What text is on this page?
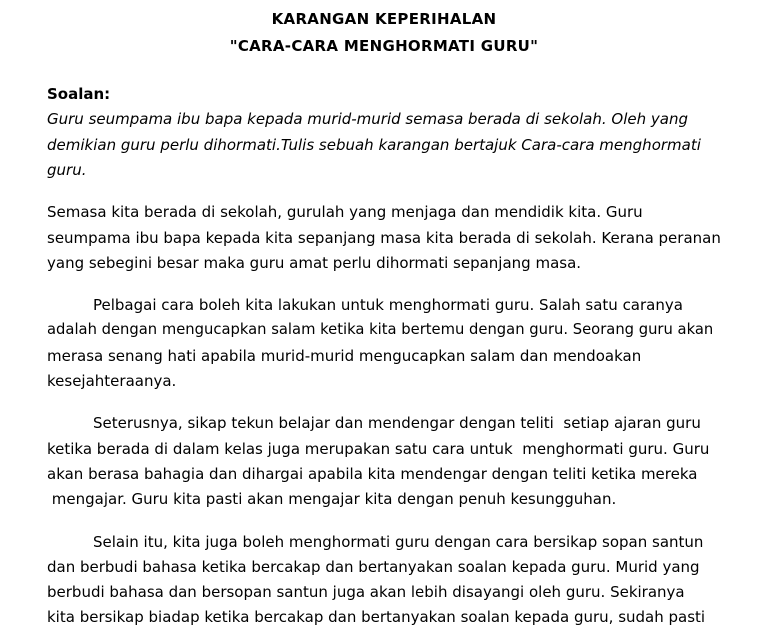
KARANGAN KEPERIHALAN
"CARA-CARA MENGHORMATI GURU"
Soalan:
Guru seumpama ibu bapa kepada murid-murid semasa berada di sekolah. Oleh yang
demikian guru perlu dihormati.Tulis sebuah karangan bertajuk Cara-cara menghormati
guru.
Semasa kita berada di sekolah, gurulah yang menjaga dan mendidik kita. Guru
seumpama ibu bapa kepada kita sepanjang masa kita berada di sekolah. Kerana peranan
yang sebegini besar maka guru amat perlu dihormati sepanjang masa.
Pelbagai cara boleh kita lakukan untuk menghormati guru. Salah satu caranya
adalah dengan mengucapkan salam ketika kita bertemu dengan guru. Seorang guru akan
merasa senang hati apabila murid-murid mengucapkan salam dan mendoakan
kesejahteraanya.
Seterusnya, sikap tekun belajar dan mendengar dengan teliti  setiap ajaran guru
ketika berada di dalam kelas juga merupakan satu cara untuk  menghormati guru. Guru
akan berasa bahagia dan dihargai apabila kita mendengar dengan teliti ketika mereka
mengajar. Guru kita pasti akan mengajar kita dengan penuh kesungguhan.
Selain itu, kita juga boleh menghormati guru dengan cara bersikap sopan santun
dan berbudi bahasa ketika bercakap dan bertanyakan soalan kepada guru. Murid yang
berbudi bahasa dan bersopan santun juga akan lebih disayangi oleh guru. Sekiranya
kita bersikap biadap ketika bercakap dan bertanyakan soalan kepada guru, sudah pasti
